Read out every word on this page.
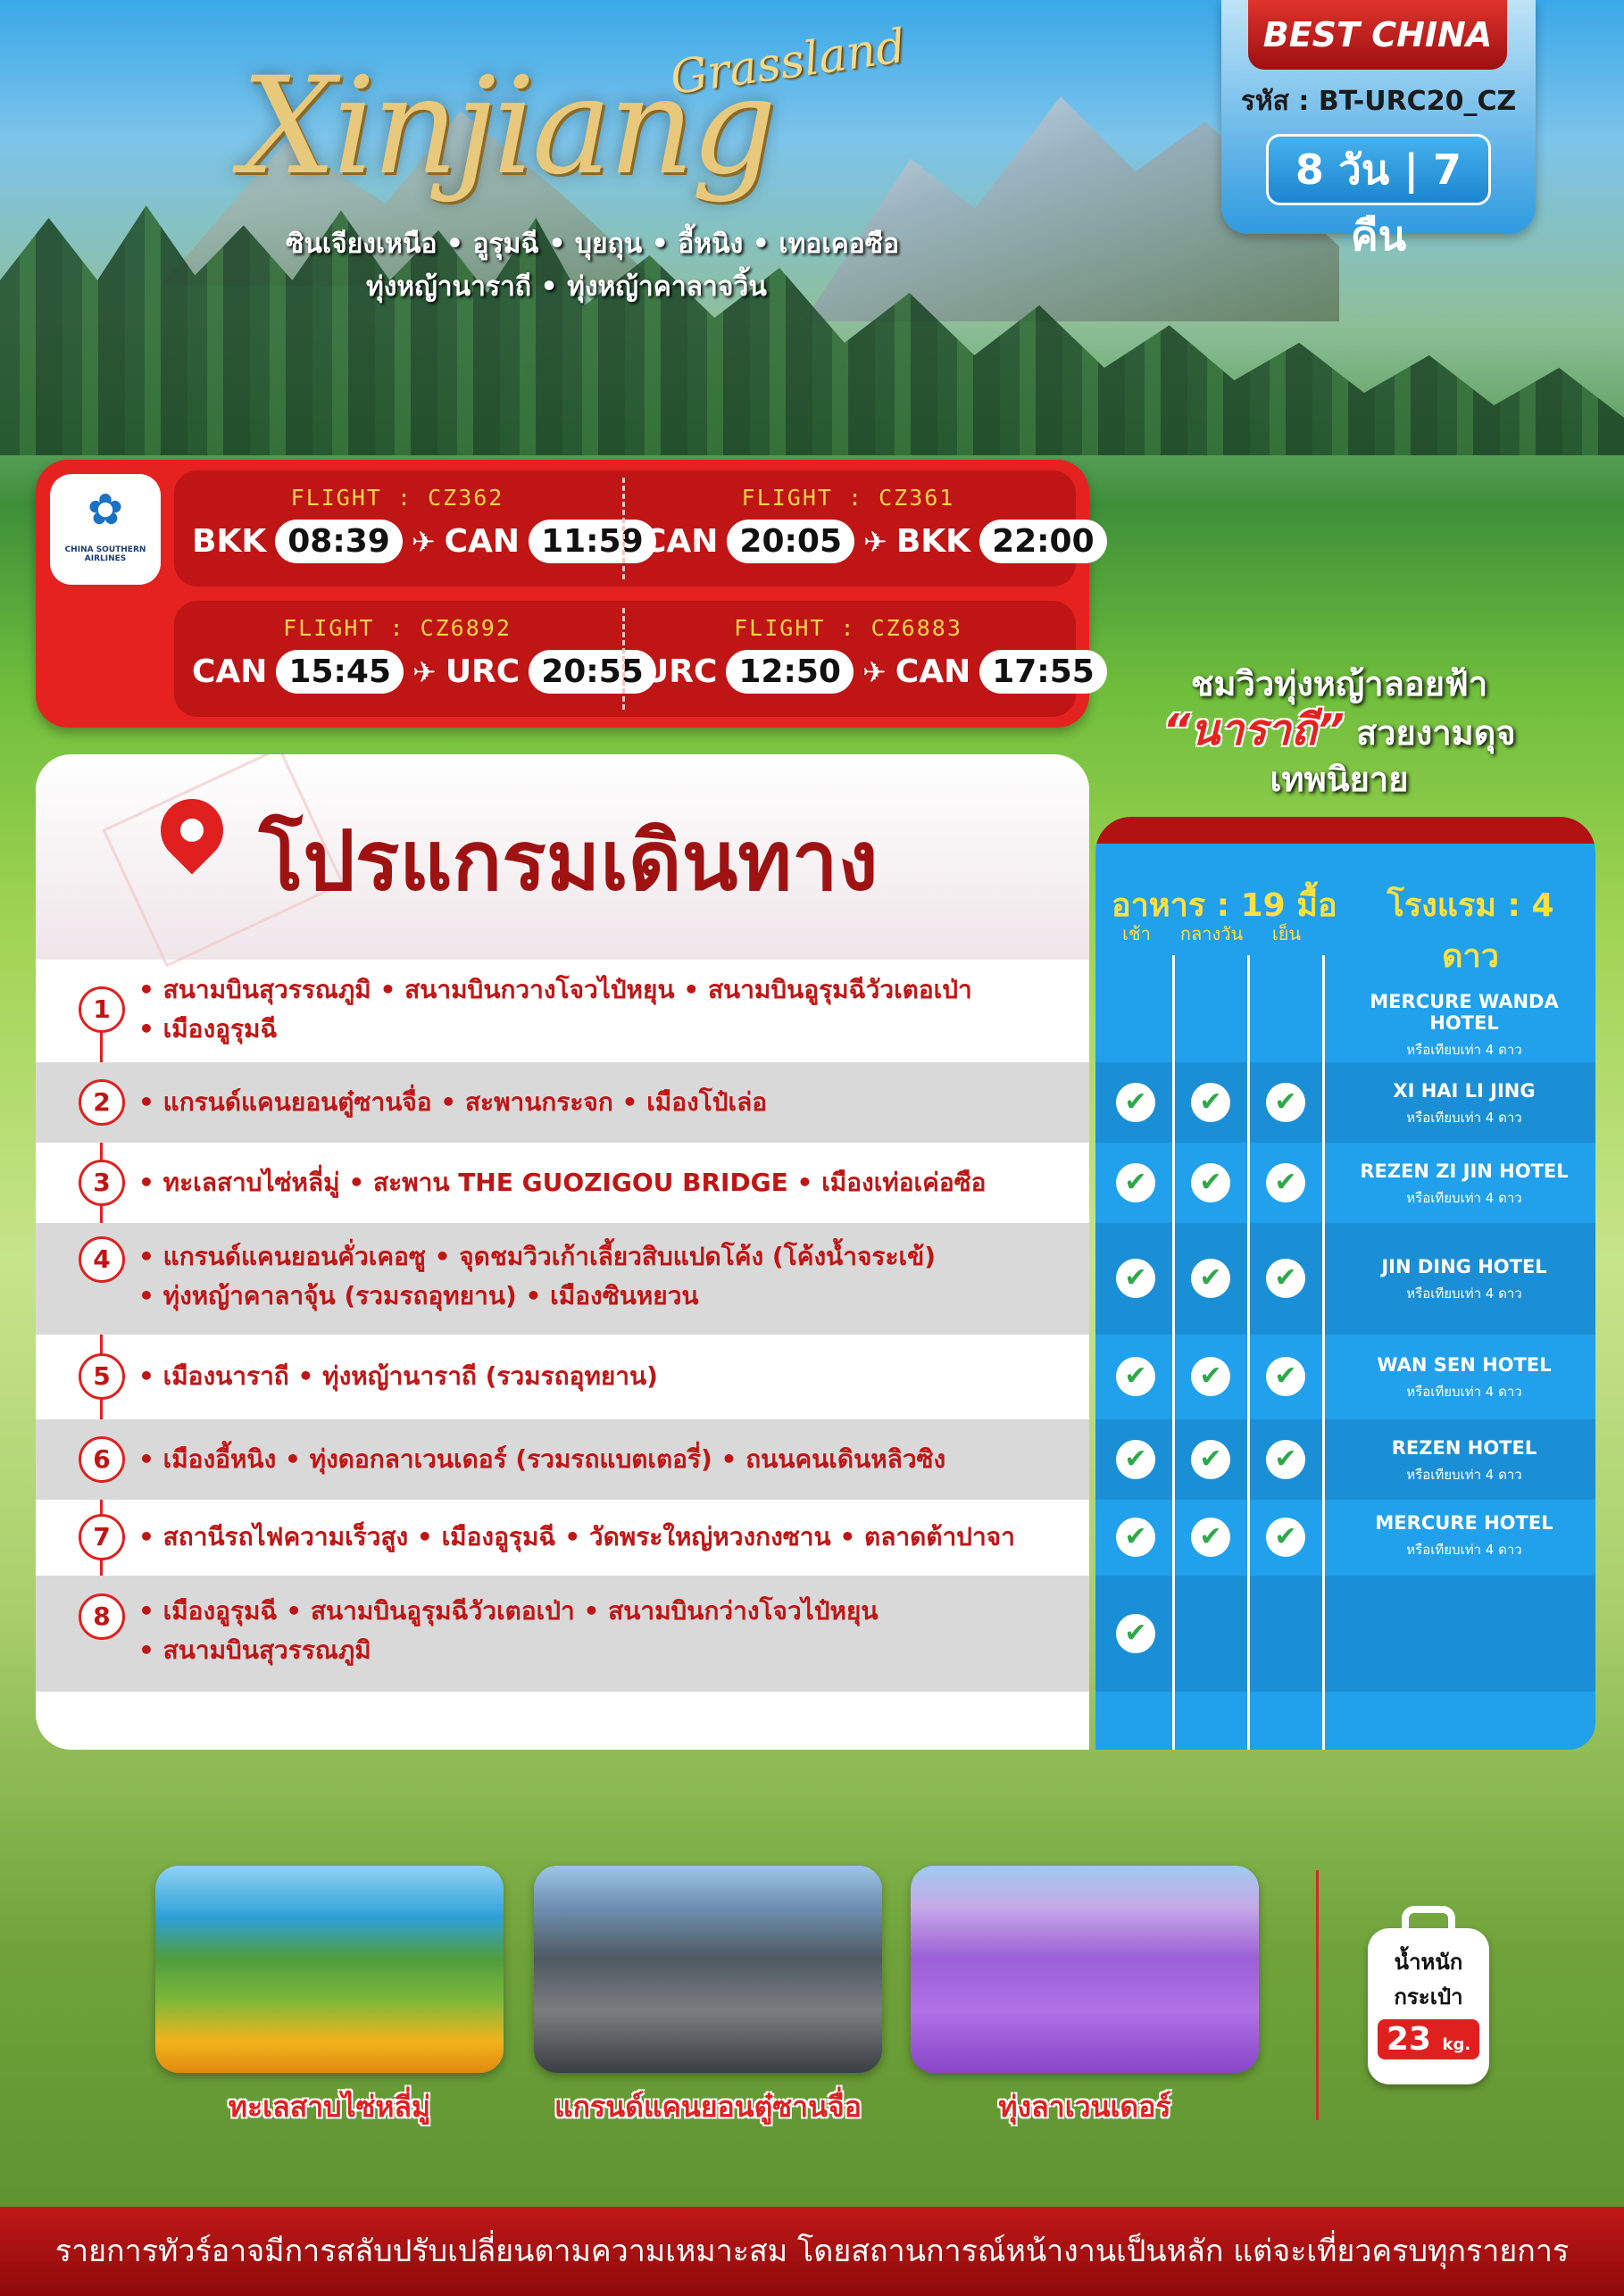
Grassland
Xinjiang
ซินเจียงเหนือ • อูรุมฉี • บุยถุน • อี้หนิง • เทอเคอซือ
ทุ่งหญ้านาราถี • ทุ่งหญ้าคาลาจวิ้น
BEST CHINA
รหัส : BT-URC20_CZ
8 วัน | 7 คืน
✿
CHINA SOUTHERN AIRLINES
FLIGHT : CZ362
BKK 08:39 ✈ CAN 11:59
FLIGHT : CZ361
CAN 20:05 ✈ BKK 22:00
FLIGHT : CZ6892
CAN 15:45 ✈ URC 20:55
FLIGHT : CZ6883
URC 12:50 ✈ CAN 17:55	ชมวิวทุ่งหญ้าลอยฟ้า
“นาราถี” สวยงามดุจเทพนิยาย
โปรแกรมเดินทาง
1
• สนามบินสุวรรณภูมิ • สนามบินกวางโจวไป๋หยุน • สนามบินอูรุมฉีวัวเตอเป่า
• เมืองอูรุมฉี
2	• แกรนด์แคนยอนตู๋ซานจื่อ • สะพานกระจก • เมืองโป๋เล่อ
3	• ทะเลสาบไซ่หลี่มู่ • สะพาน THE GUOZIGOU BRIDGE • เมืองเท่อเค่อซือ
4	• แกรนด์แคนยอนคั่วเคอซู • จุดชมวิวเก้าเลี้ยวสิบแปดโค้ง (โค้งน้ำจระเข้)
• ทุ่งหญ้าคาลาจุ้น (รวมรถอุทยาน) • เมืองซินหยวน
5	• เมืองนาราถี • ทุ่งหญ้านาราถี (รวมรถอุทยาน)
6	• เมืองอี้หนิง • ทุ่งดอกลาเวนเดอร์ (รวมรถแบตเตอรี่) • ถนนคนเดินหลิวซิง
7	• สถานีรถไฟความเร็วสูง • เมืองอูรุมฉี • วัดพระใหญ่หวงกงซาน • ตลาดต้าปาจา
8	• เมืองอูรุมฉี • สนามบินอูรุมฉีวัวเตอเป่า • สนามบินกว่างโจวไป๋หยุน
• สนามบินสุวรรณภูมิ
อาหาร : 19 มื้อ	โรงแรม : 4 ดาว
เช้า	กลางวัน	เย็น
MERCURE WANDA HOTEL
หรือเทียบเท่า 4 ดาว
✔	✔	✔	XI HAI LI JING
หรือเทียบเท่า 4 ดาว
✔	✔	✔	REZEN ZI JIN HOTEL
หรือเทียบเท่า 4 ดาว
✔	✔	✔	JIN DING HOTEL
หรือเทียบเท่า 4 ดาว
✔	✔	✔	WAN SEN HOTEL
หรือเทียบเท่า 4 ดาว
✔	✔	✔	REZEN HOTEL
หรือเทียบเท่า 4 ดาว
✔	✔	✔	MERCURE HOTEL
หรือเทียบเท่า 4 ดาว
✔
ทะเลสาบไซ่หลี่มู่	แกรนด์แคนยอนตู๋ซานจื่อ	ทุ่งลาเวนเดอร์
น้ำหนัก
กระเป๋า
23 kg.
รายการทัวร์อาจมีการสลับปรับเปลี่ยนตามความเหมาะสม โดยสถานการณ์หน้างานเป็นหลัก แต่จะเที่ยวครบทุกรายการ
